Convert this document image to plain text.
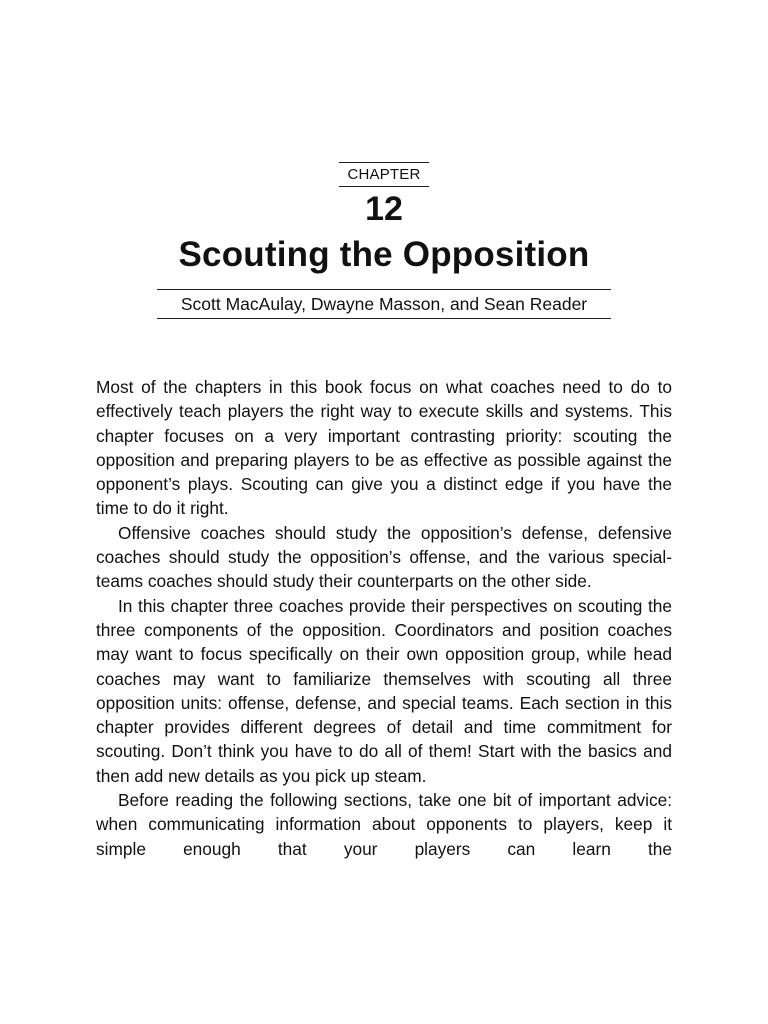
CHAPTER
12
Scouting the Opposition
Scott MacAulay, Dwayne Masson, and Sean Reader

Most of the chapters in this book focus on what coaches need to do to effectively teach players the right way to execute skills and systems. This chapter focuses on a very important contrasting priority: scouting the opposition and preparing players to be as effective as possible against the opponent’s plays. Scouting can give you a distinct edge if you have the time to do it right.

Offensive coaches should study the opposition’s defense, defensive coaches should study the opposition’s offense, and the various special-teams coaches should study their counterparts on the other side.

In this chapter three coaches provide their perspectives on scouting the three components of the opposition. Coordinators and position coaches may want to focus specifically on their own opposition group, while head coaches may want to familiarize themselves with scouting all three opposition units: offense, defense, and special teams. Each section in this chapter provides different degrees of detail and time commitment for scouting. Don’t think you have to do all of them! Start with the basics and then add new details as you pick up steam.

Before reading the following sections, take one bit of important advice: when communicating information about opponents to players, keep it simple enough that your players can learn the
